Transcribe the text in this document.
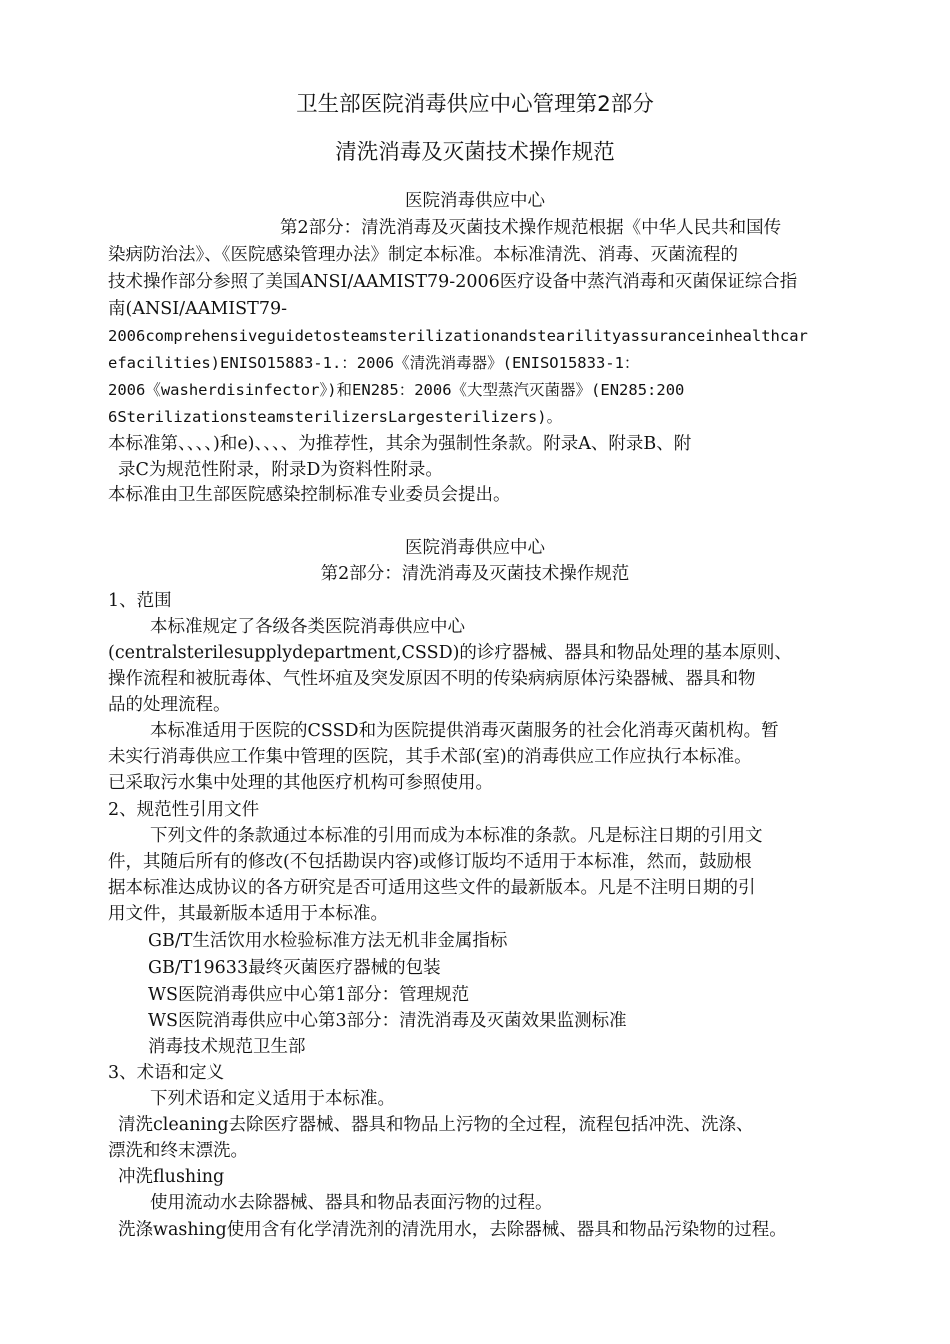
卫生部医院消毒供应中心管理第2部分
清洗消毒及灭菌技术操作规范
医院消毒供应中心
第2部分：清洗消毒及灭菌技术操作规范根据《中华人民共和国传
染病防治法》、《医院感染管理办法》制定本标准。本标准清洗、消毒、灭菌流程的
技术操作部分参照了美国ANSI/AAMIST79-2006医疗设备中蒸汽消毒和灭菌保证综合指
南(ANSI/AAMIST79-
2006comprehensiveguidetosteamsterilizationandstearilityassuranceinhealthcar
efacilities)ENISO15883-1.：2006《清洗消毒器》(ENISO15833-1：
2006《washerdisinfector》)和EN285：2006《大型蒸汽灭菌器》(EN285:200
6SterilizationsteamsterilizersLargesterilizers)。
本标准第、、、、)和e)、、、、为推荐性，其余为强制性条款。附录A、附录B、附
录C为规范性附录，附录D为资料性附录。
本标准由卫生部医院感染控制标准专业委员会提出。
医院消毒供应中心
第2部分：清洗消毒及灭菌技术操作规范
1、范围
本标准规定了各级各类医院消毒供应中心
(centralsterilesupplydepartment,CSSD)的诊疗器械、器具和物品处理的基本原则、
操作流程和被朊毒体、气性坏疽及突发原因不明的传染病病原体污染器械、器具和物
品的处理流程。
本标准适用于医院的CSSD和为医院提供消毒灭菌服务的社会化消毒灭菌机构。暂
未实行消毒供应工作集中管理的医院，其手术部(室)的消毒供应工作应执行本标准。
已采取污水集中处理的其他医疗机构可参照使用。
2、规范性引用文件
下列文件的条款通过本标准的引用而成为本标准的条款。凡是标注日期的引用文
件，其随后所有的修改(不包括勘误内容)或修订版均不适用于本标准，然而，鼓励根
据本标准达成协议的各方研究是否可适用这些文件的最新版本。凡是不注明日期的引
用文件，其最新版本适用于本标准。
GB/T生活饮用水检验标准方法无机非金属指标
GB/T19633最终灭菌医疗器械的包装
WS医院消毒供应中心第1部分：管理规范
WS医院消毒供应中心第3部分：清洗消毒及灭菌效果监测标准
消毒技术规范卫生部
3、术语和定义
下列术语和定义适用于本标准。
清洗cleaning去除医疗器械、器具和物品上污物的全过程，流程包括冲洗、洗涤、
漂洗和终末漂洗。
冲洗flushing
使用流动水去除器械、器具和物品表面污物的过程。
洗涤washing使用含有化学清洗剂的清洗用水，去除器械、器具和物品污染物的过程。
